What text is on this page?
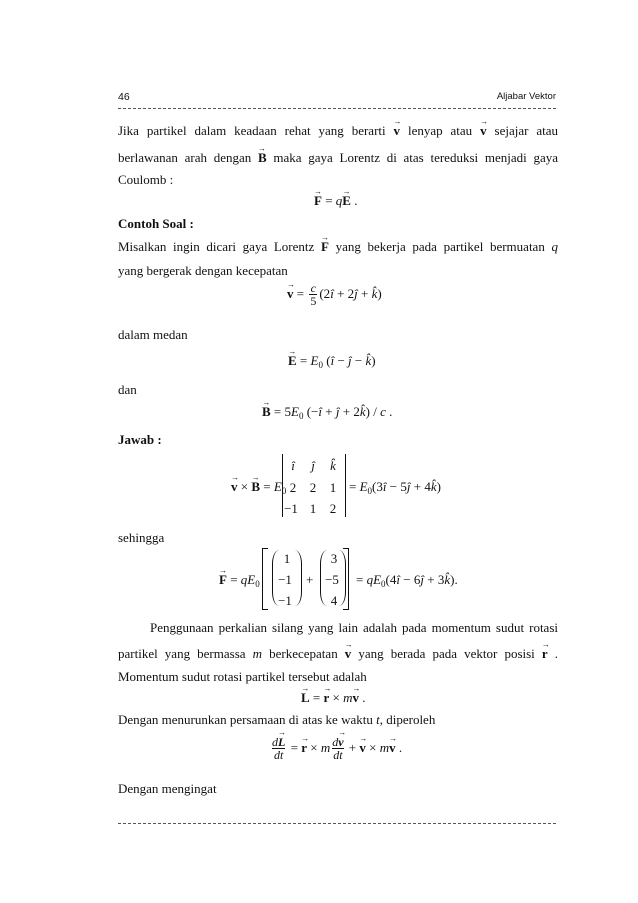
46	Aljabar Vektor
Jika partikel dalam keadaan rehat yang berarti → v lenyap atau → v sejajar atau
berlawanan arah dengan → B maka gaya Lorentz di atas tereduksi menjadi gaya
Coulomb :
→ F = q→ E .
Contoh Soal :
Misalkan ingin dicari gaya Lorentz → F yang bekerja pada partikel bermuatan q
yang bergerak dengan kecepatan
→ $v = \frac{c}{5}$ (2î + 2ĵ + k̂)
dalam medan
→ $E = E_0$ (î − ĵ − k̂)
dan
→ $B = 5E_0$ (−î + ĵ + 2k̂) / c .
Jawab :
→ v × → $B = E_0$
î	ĵ	k̂
2	2	1
−1 1	2
= $E_0(3î$ − 5ĵ + 4k̂)
sehingga
→ $F = qE_0$
1
−1
−1
+
3
−5
4
= $qE_0(4î$ − 6ĵ + 3k̂).
Penggunaan perkalian silang yang lain adalah pada momentum sudut rotasi
partikel yang bermassa m berkecepatan → v yang berada pada vektor posisi → r .
Momentum sudut rotasi partikel tersebut adalah
→ L = → r × m→ v .
Dengan menurunkan persamaan di atas ke waktu t, diperoleh
$\frac{d\to L}{dt}$ = → r × m $\frac{d\to v}{dt}$ + → v × m→ v .
Dengan mengingat
